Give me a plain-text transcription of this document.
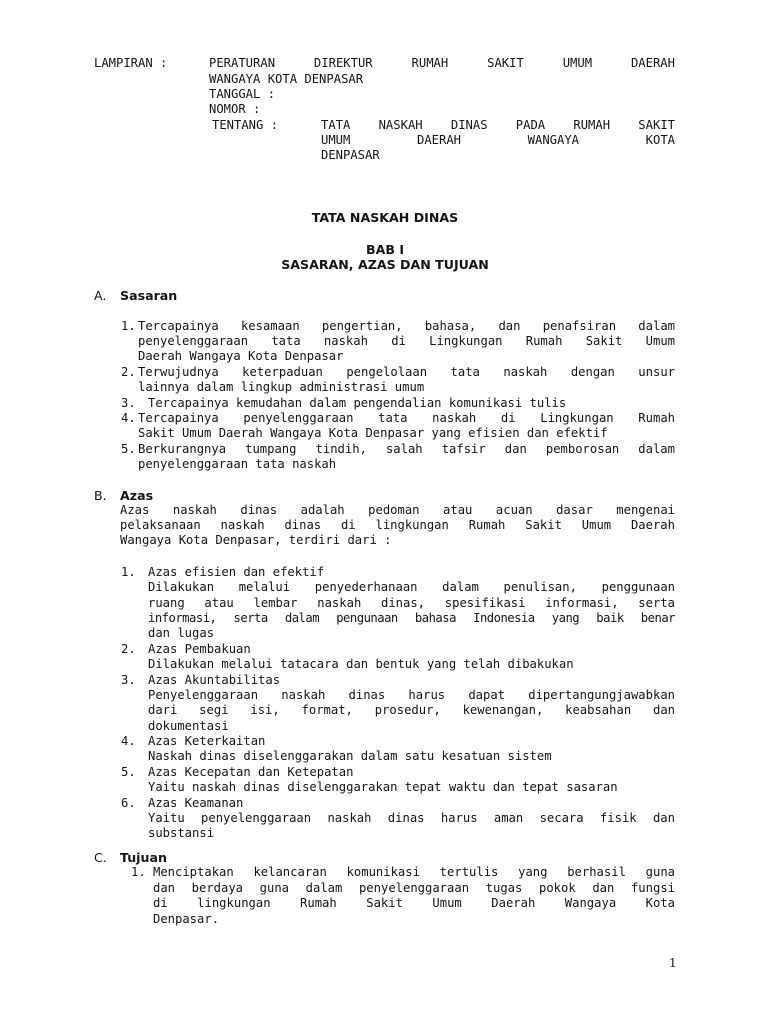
LAMPIRAN :	PERATURAN DIREKTUR RUMAH SAKIT UMUM DAERAH
WANGAYA KOTA DENPASAR
TANGGAL :
NOMOR :
TENTANG :	TATA NASKAH DINAS PADA RUMAH SAKIT
UMUM DAERAH WANGAYA KOTA
DENPASAR
TATA NASKAH DINAS
BAB I
SASARAN, AZAS DAN TUJUAN
A. Sasaran
1. Tercapainya kesamaan pengertian, bahasa, dan penafsiran dalam
penyelenggaraan tata naskah di Lingkungan Rumah Sakit Umum
Daerah Wangaya Kota Denpasar
2. Terwujudnya keterpaduan pengelolaan tata naskah dengan unsur
lainnya dalam lingkup administrasi umum
3. Tercapainya kemudahan dalam pengendalian komunikasi tulis
4. Tercapainya penyelenggaraan tata naskah di Lingkungan Rumah
Sakit Umum Daerah Wangaya Kota Denpasar yang efisien dan efektif
5. Berkurangnya tumpang tindih, salah tafsir dan pemborosan dalam
penyelenggaraan tata naskah
B. Azas
Azas naskah dinas adalah pedoman atau acuan dasar mengenai
pelaksanaan naskah dinas di lingkungan Rumah Sakit Umum Daerah
Wangaya Kota Denpasar, terdiri dari :
1. Azas efisien dan efektif
Dilakukan melalui penyederhanaan dalam penulisan, penggunaan
ruang atau lembar naskah dinas, spesifikasi informasi, serta
informasi, serta dalam pengunaan bahasa Indonesia yang baik benar
dan lugas
2. Azas Pembakuan
Dilakukan melalui tatacara dan bentuk yang telah dibakukan
3. Azas Akuntabilitas
Penyelenggaraan naskah dinas harus dapat dipertangungjawabkan
dari segi isi, format, prosedur, kewenangan, keabsahan dan
dokumentasi
4. Azas Keterkaitan
Naskah dinas diselenggarakan dalam satu kesatuan sistem
5. Azas Kecepatan dan Ketepatan
Yaitu naskah dinas diselenggarakan tepat waktu dan tepat sasaran
6. Azas Keamanan
Yaitu penyelenggaraan naskah dinas harus aman secara fisik dan
substansi
C. Tujuan
1. Menciptakan kelancaran komunikasi tertulis yang berhasil guna
dan berdaya guna dalam penyelenggaraan tugas pokok dan fungsi
di lingkungan Rumah Sakit Umum Daerah Wangaya Kota
Denpasar.
1
